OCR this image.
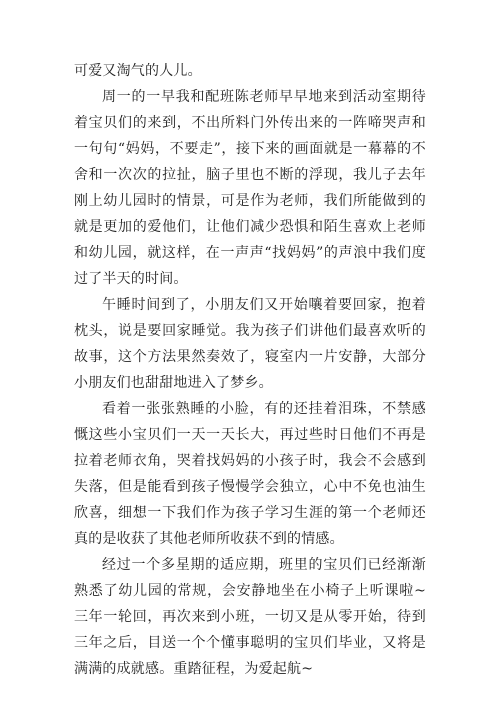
可爱又淘气的人儿。

周一的一早我和配班陈老师早早地来到活动室期待着宝贝们的来到，不出所料门外传出来的一阵啼哭声和一句句“妈妈，不要走”，接下来的画面就是一幕幕的不舍和一次次的拉扯，脑子里也不断的浮现，我儿子去年刚上幼儿园时的情景，可是作为老师，我们所能做到的就是更加的爱他们，让他们减少恐惧和陌生喜欢上老师和幼儿园，就这样，在一声声“找妈妈”的声浪中我们度过了半天的时间。

午睡时间到了，小朋友们又开始嚷着要回家，抱着枕头，说是要回家睡觉。我为孩子们讲他们最喜欢听的故事，这个方法果然奏效了，寝室内一片安静，大部分小朋友们也甜甜地进入了梦乡。

看着一张张熟睡的小脸，有的还挂着泪珠，不禁感慨这些小宝贝们一天一天长大，再过些时日他们不再是拉着老师衣角，哭着找妈妈的小孩子时，我会不会感到失落，但是能看到孩子慢慢学会独立，心中不免也油生欣喜，细想一下我们作为孩子学习生涯的第一个老师还真的是收获了其他老师所收获不到的情感。

经过一个多星期的适应期，班里的宝贝们已经渐渐熟悉了幼儿园的常规，会安静地坐在小椅子上听课啦~三年一轮回，再次来到小班，一切又是从零开始，待到三年之后，目送一个个懂事聪明的宝贝们毕业，又将是满满的成就感。重踏征程，为爱起航~
